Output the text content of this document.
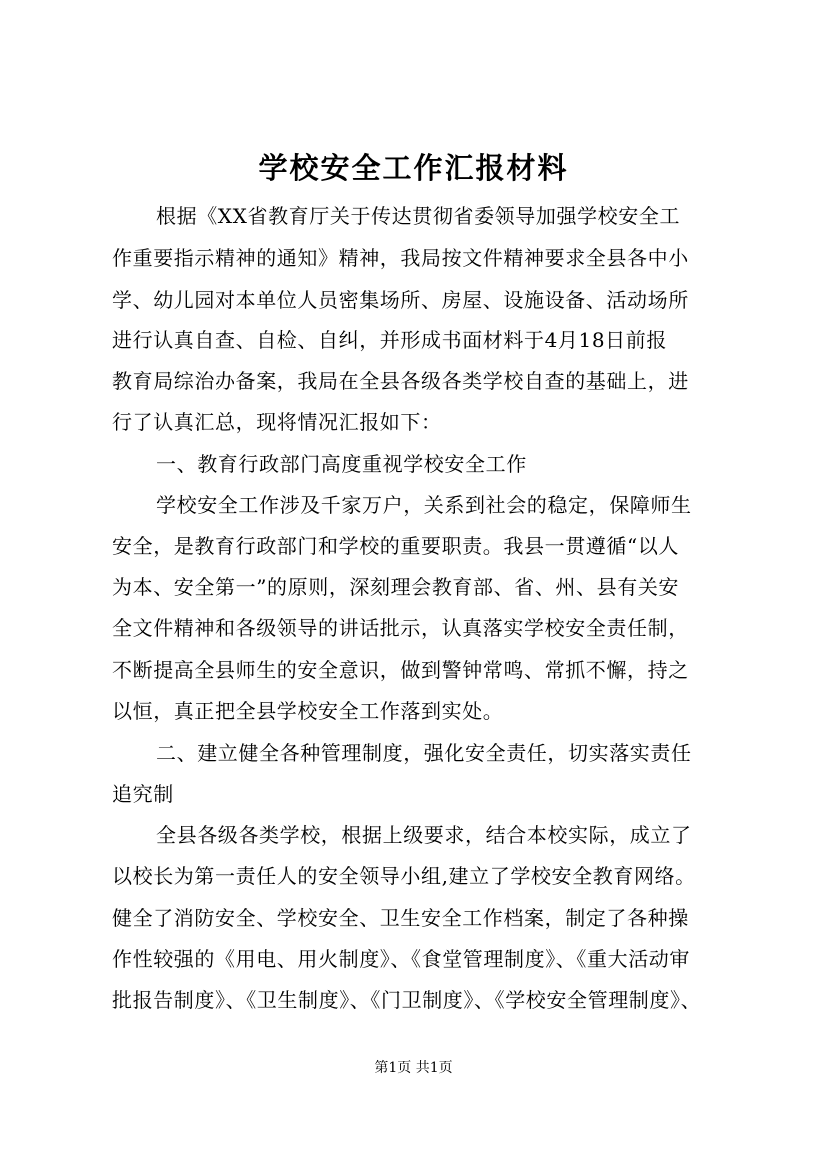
学校安全工作汇报材料
根据《XX省教育厅关于传达贯彻省委领导加强学校安全工
作重要指示精神的通知》精神，我局按文件精神要求全县各中小
学、幼儿园对本单位人员密集场所、房屋、设施设备、活动场所
进行认真自查、自检、自纠，并形成书面材料于4月18日前报
教育局综治办备案，我局在全县各级各类学校自查的基础上，进
行了认真汇总，现将情况汇报如下：
一、教育行政部门高度重视学校安全工作
学校安全工作涉及千家万户，关系到社会的稳定，保障师生
安全，是教育行政部门和学校的重要职责。我县一贯遵循“以人
为本、安全第一”的原则，深刻理会教育部、省、州、县有关安
全文件精神和各级领导的讲话批示，认真落实学校安全责任制，
不断提高全县师生的安全意识，做到警钟常鸣、常抓不懈，持之
以恒，真正把全县学校安全工作落到实处。
二、建立健全各种管理制度，强化安全责任，切实落实责任
追究制
全县各级各类学校，根据上级要求，结合本校实际，成立了
以校长为第一责任人的安全领导小组,建立了学校安全教育网络。
健全了消防安全、学校安全、卫生安全工作档案，制定了各种操
作性较强的《用电、用火制度》、《食堂管理制度》、《重大活动审
批报告制度》、《卫生制度》、《门卫制度》、《学校安全管理制度》、
第1页 共1页
